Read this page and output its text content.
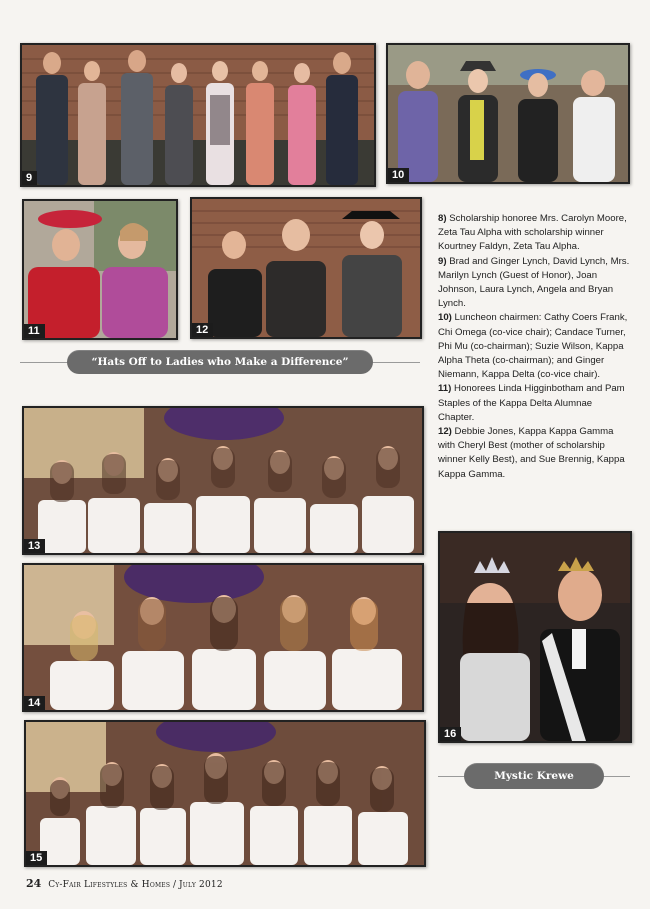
9	10
11	12
“Hats Off to Ladies who Make a Difference”

8) Scholarship honoree Mrs. Carolyn Moore, Zeta Tau Alpha with scholarship winner Kourtney Faldyn, Zeta Tau Alpha.

9) Brad and Ginger Lynch, David Lynch, Mrs. Marilyn Lynch (Guest of Honor), Joan Johnson, Laura Lynch, Angela and Bryan Lynch.

10) Luncheon chairmen: Cathy Coers Frank, Chi Omega (co-vice chair); Candace Turner, Phi Mu (co-chairman); Suzie Wilson, Kappa Alpha Theta (co-chairman); and Ginger Niemann, Kappa Delta (co-vice chair).

11) Honorees Linda Higginbotham and Pam Staples of the Kappa Delta Alumnae Chapter.

12) Debbie Jones, Kappa Kappa Gamma with Cheryl Best (mother of scholarship winner Kelly Best), and Sue Brennig, Kappa Kappa Gamma.

13
14
15
16
Mystic Krewe
24 Cy-Fair Lifestyles & Homes / July 2012
